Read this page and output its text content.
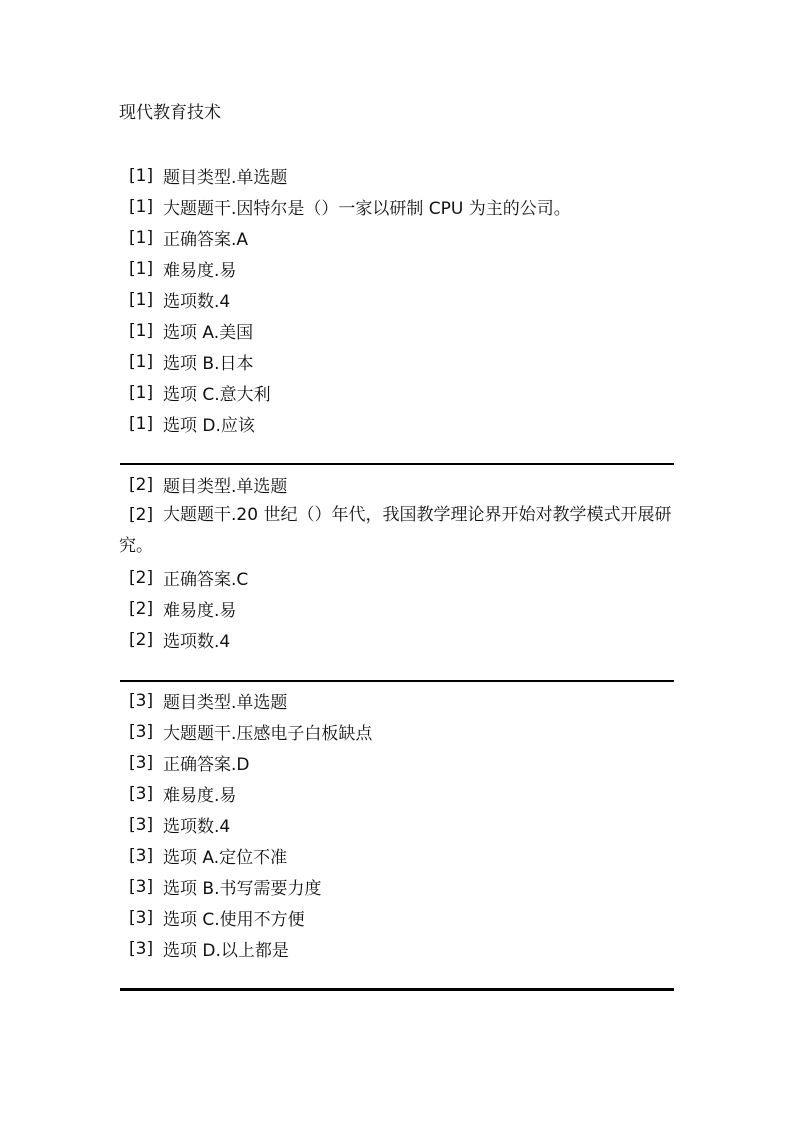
现代教育技术
[1] 题目类型.单选题
[1] 大题题干.因特尔是（）一家以研制 CPU 为主的公司。
[1] 正确答案.A
[1] 难易度.易
[1] 选项数.4
[1] 选项 A.美国
[1] 选项 B.日本
[1] 选项 C.意大利
[1] 选项 D.应该
[2] 题目类型.单选题
[2] 大题题干.20 世纪（）年代，我国教学理论界开始对教学模式开展研究。
[2] 正确答案.C
[2] 难易度.易
[2] 选项数.4
[3] 题目类型.单选题
[3] 大题题干.压感电子白板缺点
[3] 正确答案.D
[3] 难易度.易
[3] 选项数.4
[3] 选项 A.定位不准
[3] 选项 B.书写需要力度
[3] 选项 C.使用不方便
[3] 选项 D.以上都是
